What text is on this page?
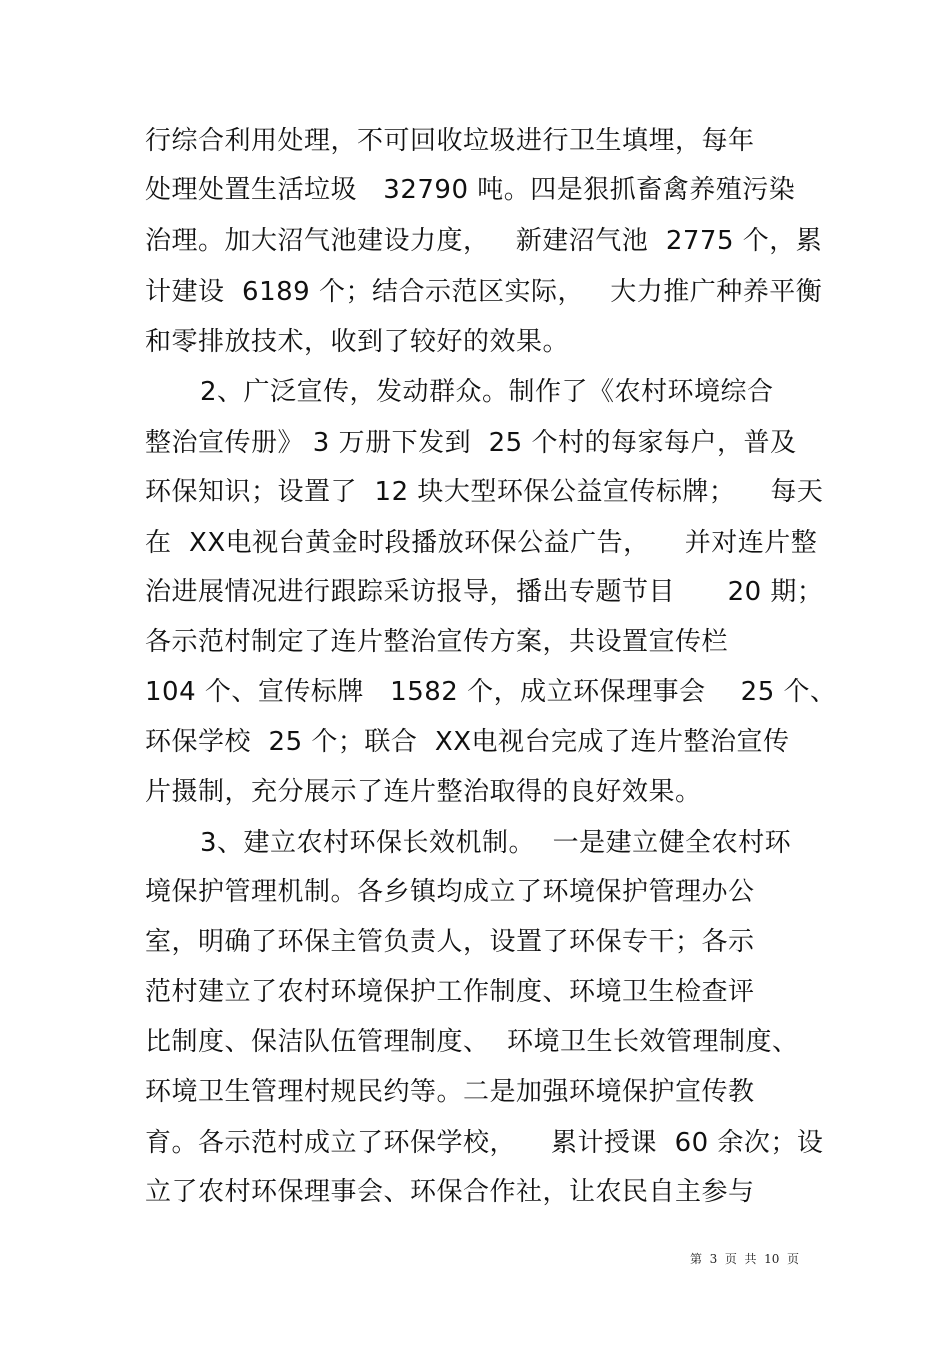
行综合利用处理，不可回收垃圾进行卫生填埋，每年
处理处置生活垃圾   32790 吨。四是狠抓畜禽养殖污染
治理。加大沼气池建设力度，   新建沼气池  2775 个，累
计建设  6189 个；结合示范区实际，   大力推广种养平衡
和零排放技术，收到了较好的效果。
2、广泛宣传，发动群众。制作了《农村环境综合
整治宣传册》 3 万册下发到  25 个村的每家每户，普及
环保知识；设置了  12 块大型环保公益宣传标牌；    每天
在  XX电视台黄金时段播放环保公益广告，    并对连片整
治进展情况进行跟踪采访报导，播出专题节目      20 期；
各示范村制定了连片整治宣传方案，共设置宣传栏
104 个、宣传标牌   1582 个，成立环保理事会    25 个、
环保学校  25 个；联合  XX电视台完成了连片整治宣传
片摄制，充分展示了连片整治取得的良好效果。
3、建立农村环保长效机制。  一是建立健全农村环
境保护管理机制。各乡镇均成立了环境保护管理办公
室，明确了环保主管负责人，设置了环保专干；各示
范村建立了农村环境保护工作制度、环境卫生检查评
比制度、保洁队伍管理制度、  环境卫生长效管理制度、
环境卫生管理村规民约等。二是加强环境保护宣传教
育。各示范村成立了环保学校，    累计授课  60 余次；设
立了农村环保理事会、环保合作社，让农民自主参与
第  3  页  共  10  页
